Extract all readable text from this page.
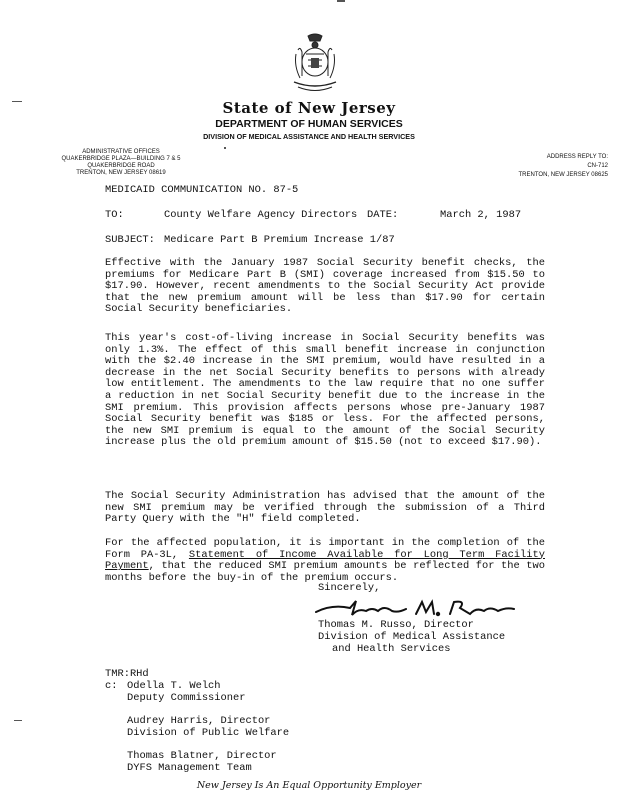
State of New Jersey
DEPARTMENT OF HUMAN SERVICES
DIVISION OF MEDICAL ASSISTANCE AND HEALTH SERVICES
ADMINISTRATIVE OFFICES
QUAKERBRIDGE PLAZA—BUILDING 7 & 5
QUAKERBRIDGE ROAD
TRENTON, NEW JERSEY 08619
ADDRESS REPLY TO:
CN-712
TRENTON, NEW JERSEY 08625
MEDICAID COMMUNICATION NO. 87-5
TO:	County Welfare Agency Directors DATE:	March 2, 1987
SUBJECT: Medicare Part B Premium Increase 1/87
Effective with the January 1987 Social Security benefit checks, the premiums for Medicare Part B (SMI) coverage increased from $15.50 to $17.90. However, recent amendments to the Social Security Act provide that the new premium amount will be less than $17.90 for certain Social Security beneficiaries.
This year's cost-of-living increase in Social Security benefits was only 1.3%. The effect of this small benefit increase in conjunction with the $2.40 increase in the SMI premium, would have resulted in a decrease in the net Social Security benefits to persons with already low entitlement. The amendments to the law require that no one suffer a reduction in net Social Security benefit due to the increase in the SMI premium. This provision affects persons whose pre-January 1987 Social Security benefit was $185 or less. For the affected persons, the new SMI premium is equal to the amount of the Social Security increase plus the old premium amount of $15.50 (not to exceed $17.90).
The Social Security Administration has advised that the amount of the new SMI premium may be verified through the submission of a Third Party Query with the "H" field completed.
For the affected population, it is important in the completion of the Form PA-3L, Statement of Income Available for Long Term Facility Payment, that the reduced SMI premium amounts be reflected for the two months before the buy-in of the premium occurs.
Sincerely,
Thomas M. Russo, Director
Division of Medical Assistance
and Health Services
TMR:RHd
c: Odella T. Welch
Deputy Commissioner
Audrey Harris, Director
Division of Public Welfare
Thomas Blatner, Director
DYFS Management Team
New Jersey Is An Equal Opportunity Employer
